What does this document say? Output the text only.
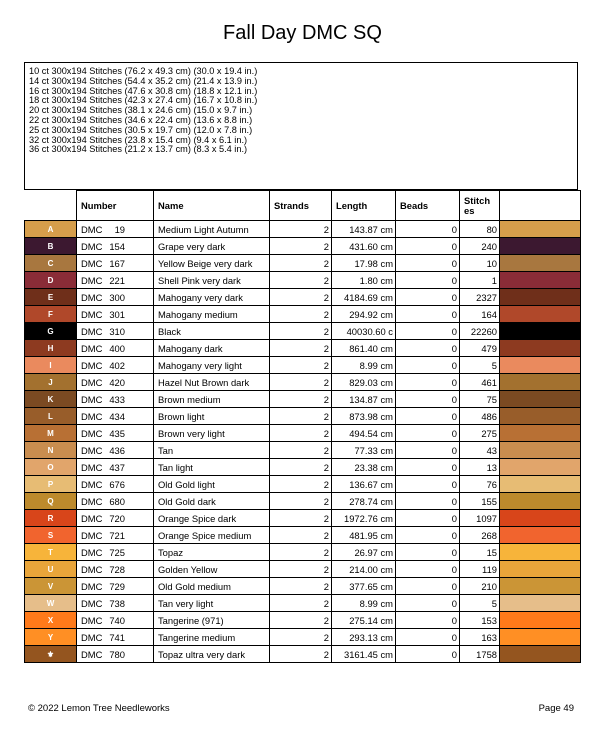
Fall Day DMC SQ
10 ct 300x194 Stitches (76.2 x 49.3 cm) (30.0 x 19.4 in.)
14 ct 300x194 Stitches (54.4 x 35.2 cm) (21.4 x 13.9 in.)
16 ct 300x194 Stitches (47.6 x 30.8 cm) (18.8 x 12.1 in.)
18 ct 300x194 Stitches (42.3 x 27.4 cm) (16.7 x 10.8 in.)
20 ct 300x194 Stitches (38.1 x 24.6 cm) (15.0 x 9.7 in.)
22 ct 300x194 Stitches (34.6 x 22.4 cm) (13.6 x 8.8 in.)
25 ct 300x194 Stitches (30.5 x 19.7 cm) (12.0 x 7.8 in.)
32 ct 300x194 Stitches (23.8 x 15.4 cm) (9.4 x 6.1 in.)
36 ct 300x194 Stitches (21.2 x 13.7 cm) (8.3 x 5.4 in.)
	Number	Name	Strands	Length	Beads	Stitch es	
A	DMC 19	Medium Light Autumn	2	143.87 cm	0	80	
B	DMC 154	Grape very dark	2	431.60 cm	0	240	
C	DMC 167	Yellow Beige very dark	2	17.98 cm	0	10	
D	DMC 221	Shell Pink very dark	2	1.80 cm	0	1	
E	DMC 300	Mahogany very dark	2	4184.69 cm	0	2327	
F	DMC 301	Mahogany medium	2	294.92 cm	0	164	
G	DMC 310	Black	2	40030.60 c	0	22260	
H	DMC 400	Mahogany dark	2	861.40 cm	0	479	
I	DMC 402	Mahogany very light	2	8.99 cm	0	5	
J	DMC 420	Hazel Nut Brown dark	2	829.03 cm	0	461	
K	DMC 433	Brown medium	2	134.87 cm	0	75	
L	DMC 434	Brown light	2	873.98 cm	0	486	
M	DMC 435	Brown very light	2	494.54 cm	0	275	
N	DMC 436	Tan	2	77.33 cm	0	43	
O	DMC 437	Tan light	2	23.38 cm	0	13	
P	DMC 676	Old Gold light	2	136.67 cm	0	76	
Q	DMC 680	Old Gold dark	2	278.74 cm	0	155	
R	DMC 720	Orange Spice dark	2	1972.76 cm	0	1097	
S	DMC 721	Orange Spice medium	2	481.95 cm	0	268	
T	DMC 725	Topaz	2	26.97 cm	0	15	
U	DMC 728	Golden Yellow	2	214.00 cm	0	119	
V	DMC 729	Old Gold medium	2	377.65 cm	0	210	
W	DMC 738	Tan very light	2	8.99 cm	0	5	
X	DMC 740	Tangerine (971)	2	275.14 cm	0	153	
Y	DMC 741	Tangerine medium	2	293.13 cm	0	163	
⚜	DMC 780	Topaz ultra very dark	2	3161.45 cm	0	1758	
© 2022 Lemon Tree Needleworks	Page 49
